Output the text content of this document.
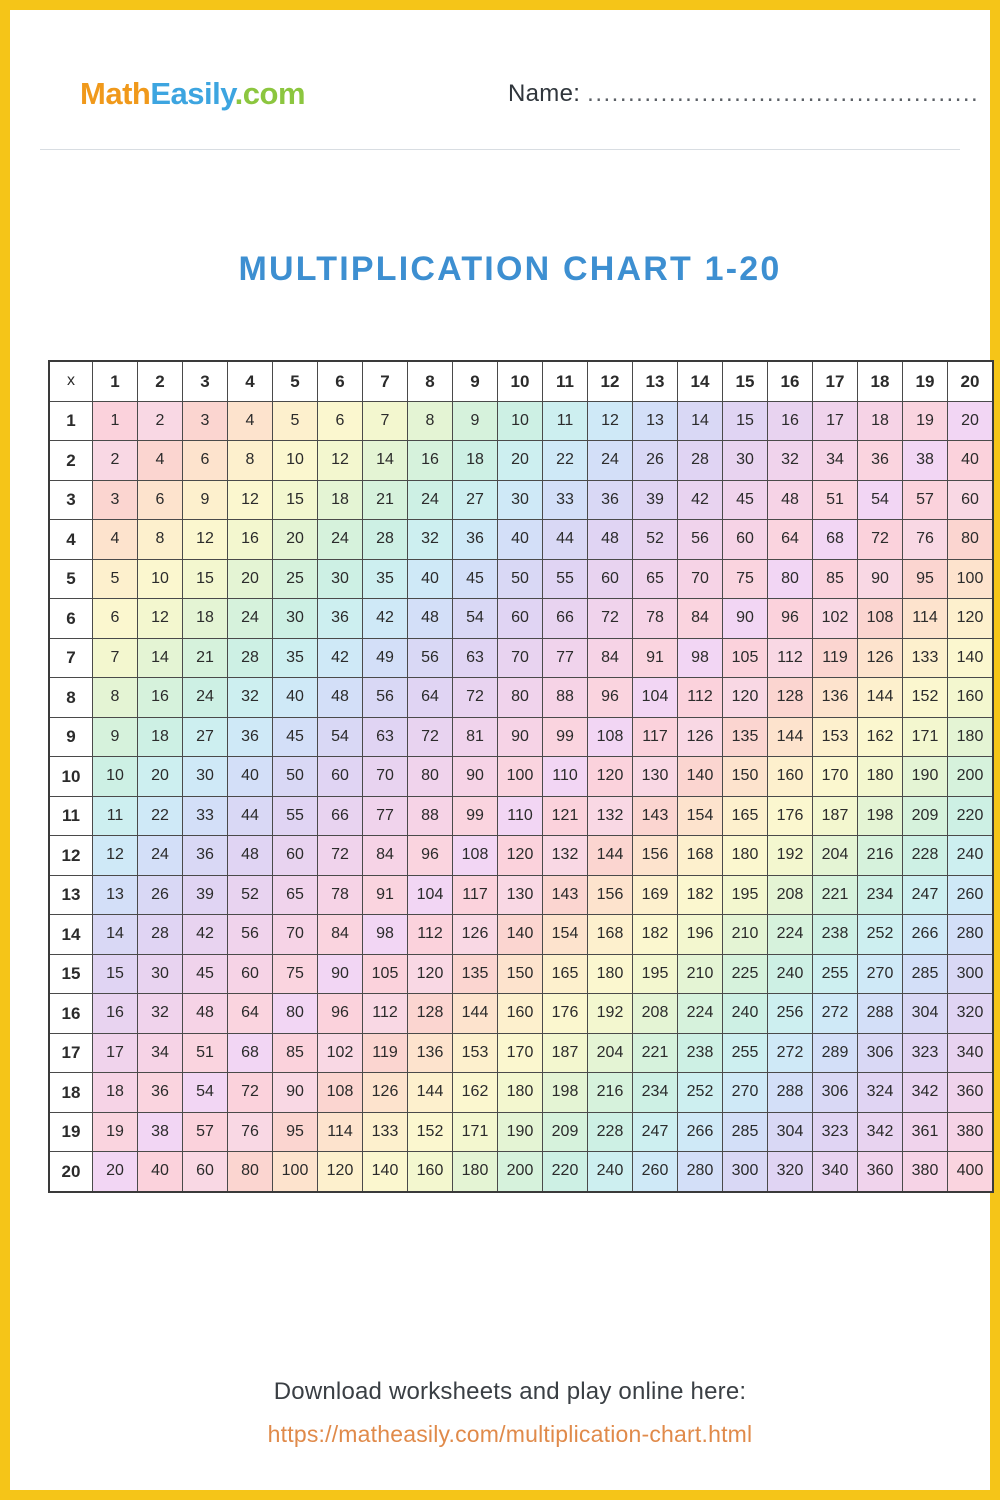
MathEasily.com	Name: ................................................
MULTIPLICATION CHART 1-20
x	1	2	3	4	5	6	7	8	9	10	11	12	13	14	15	16	17	18	19	20
1	1	2	3	4	5	6	7	8	9	10	11	12	13	14	15	16	17	18	19	20
2	2	4	6	8	10	12	14	16	18	20	22	24	26	28	30	32	34	36	38	40
3	3	6	9	12	15	18	21	24	27	30	33	36	39	42	45	48	51	54	57	60
4	4	8	12	16	20	24	28	32	36	40	44	48	52	56	60	64	68	72	76	80
5	5	10	15	20	25	30	35	40	45	50	55	60	65	70	75	80	85	90	95	100
6	6	12	18	24	30	36	42	48	54	60	66	72	78	84	90	96	102	108	114	120
7	7	14	21	28	35	42	49	56	63	70	77	84	91	98	105	112	119	126	133	140
8	8	16	24	32	40	48	56	64	72	80	88	96	104	112	120	128	136	144	152	160
9	9	18	27	36	45	54	63	72	81	90	99	108	117	126	135	144	153	162	171	180
10	10	20	30	40	50	60	70	80	90	100	110	120	130	140	150	160	170	180	190	200
11	11	22	33	44	55	66	77	88	99	110	121	132	143	154	165	176	187	198	209	220
12	12	24	36	48	60	72	84	96	108	120	132	144	156	168	180	192	204	216	228	240
13	13	26	39	52	65	78	91	104	117	130	143	156	169	182	195	208	221	234	247	260
14	14	28	42	56	70	84	98	112	126	140	154	168	182	196	210	224	238	252	266	280
15	15	30	45	60	75	90	105	120	135	150	165	180	195	210	225	240	255	270	285	300
16	16	32	48	64	80	96	112	128	144	160	176	192	208	224	240	256	272	288	304	320
17	17	34	51	68	85	102	119	136	153	170	187	204	221	238	255	272	289	306	323	340
18	18	36	54	72	90	108	126	144	162	180	198	216	234	252	270	288	306	324	342	360
19	19	38	57	76	95	114	133	152	171	190	209	228	247	266	285	304	323	342	361	380
20	20	40	60	80	100	120	140	160	180	200	220	240	260	280	300	320	340	360	380	400
Download worksheets and play online here:
https://matheasily.com/multiplication-chart.html
